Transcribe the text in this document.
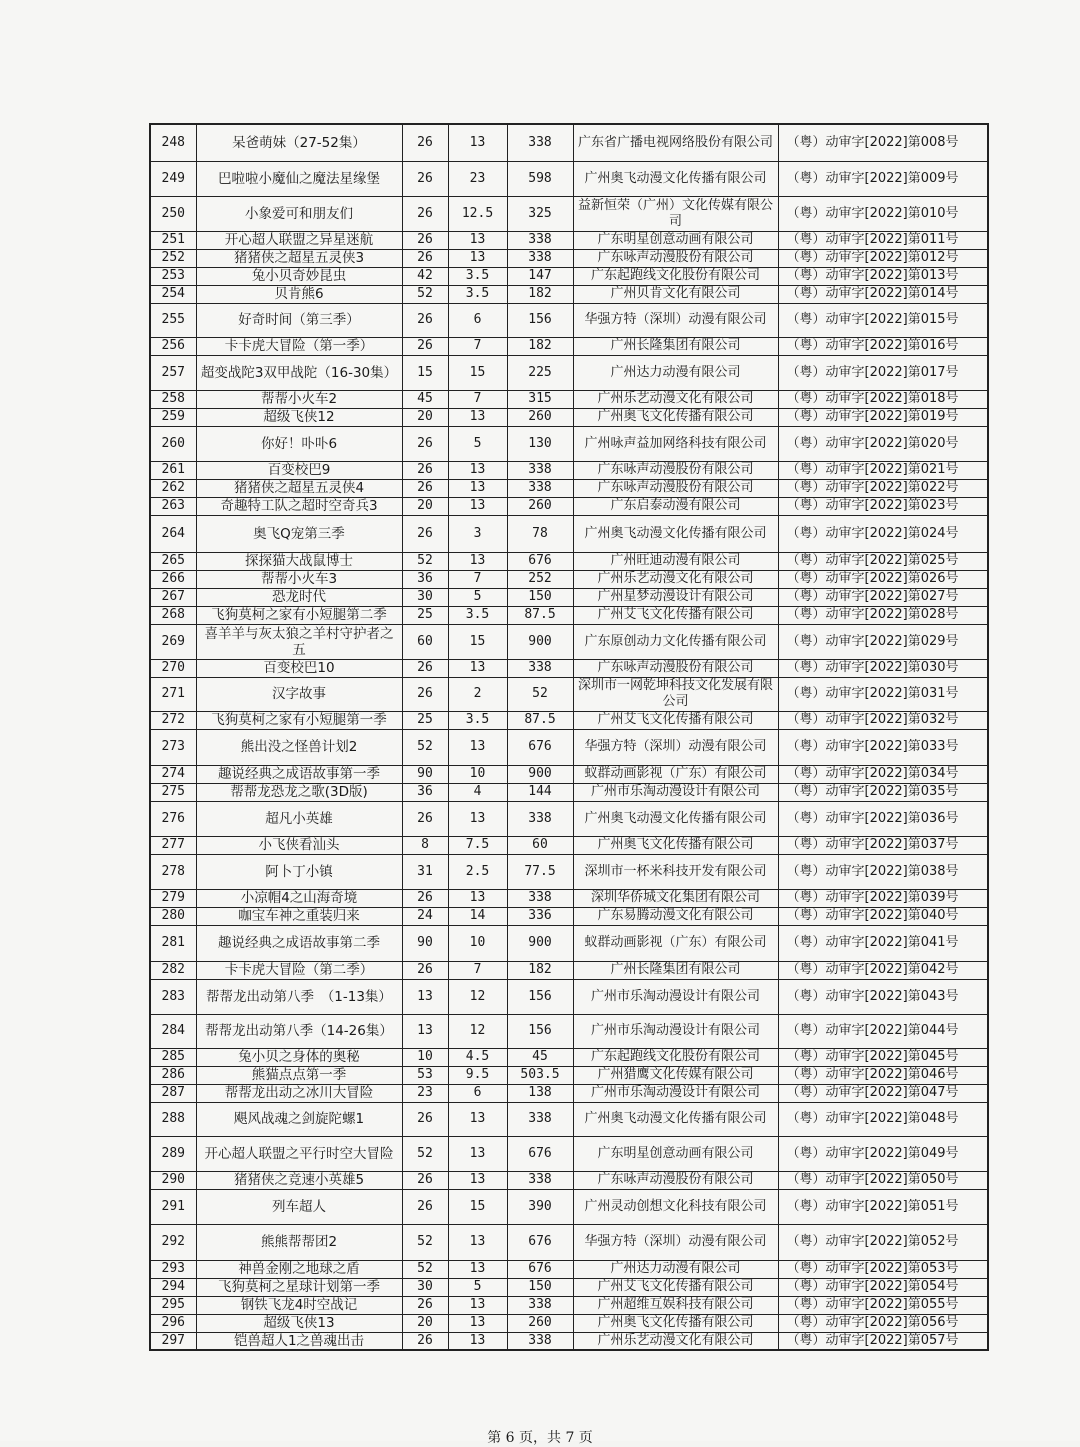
248	呆爸萌妹（27-52集）	26	13	338	广东省广播电视网络股份有限公司	（粤）动审字[2022]第008号
249	巴啦啦小魔仙之魔法星缘堡	26	23	598	广州奥飞动漫文化传播有限公司	（粤）动审字[2022]第009号
250	小象爱可和朋友们	26	12.5	325	益新恒荣（广州）文化传媒有限公司	（粤）动审字[2022]第010号
251	开心超人联盟之异星迷航	26	13	338	广东明星创意动画有限公司	（粤）动审字[2022]第011号
252	猪猪侠之超星五灵侠3	26	13	338	广东咏声动漫股份有限公司	（粤）动审字[2022]第012号
253	兔小贝奇妙昆虫	42	3.5	147	广东起跑线文化股份有限公司	（粤）动审字[2022]第013号
254	贝肯熊6	52	3.5	182	广州贝肯文化有限公司	（粤）动审字[2022]第014号
255	好奇时间（第三季）	26	6	156	华强方特（深圳）动漫有限公司	（粤）动审字[2022]第015号
256	卡卡虎大冒险（第一季）	26	7	182	广州长隆集团有限公司	（粤）动审字[2022]第016号
257	超变战陀3双甲战陀（16-30集）	15	15	225	广州达力动漫有限公司	（粤）动审字[2022]第017号
258	帮帮小火车2	45	7	315	广州乐艺动漫文化有限公司	（粤）动审字[2022]第018号
259	超级飞侠12	20	13	260	广州奥飞文化传播有限公司	（粤）动审字[2022]第019号
260	你好！卟卟6	26	5	130	广州咏声益加网络科技有限公司	（粤）动审字[2022]第020号
261	百变校巴9	26	13	338	广东咏声动漫股份有限公司	（粤）动审字[2022]第021号
262	猪猪侠之超星五灵侠4	26	13	338	广东咏声动漫股份有限公司	（粤）动审字[2022]第022号
263	奇趣特工队之超时空奇兵3	20	13	260	广东启泰动漫有限公司	（粤）动审字[2022]第023号
264	奥飞Q宠第三季	26	3	78	广州奥飞动漫文化传播有限公司	（粤）动审字[2022]第024号
265	探探猫大战鼠博士	52	13	676	广州旺迪动漫有限公司	（粤）动审字[2022]第025号
266	帮帮小火车3	36	7	252	广州乐艺动漫文化有限公司	（粤）动审字[2022]第026号
267	恐龙时代	30	5	150	广州星梦动漫设计有限公司	（粤）动审字[2022]第027号
268	飞狗莫柯之家有小短腿第二季	25	3.5	87.5	广州艾飞文化传播有限公司	（粤）动审字[2022]第028号
269	喜羊羊与灰太狼之羊村守护者之五	60	15	900	广东原创动力文化传播有限公司	（粤）动审字[2022]第029号
270	百变校巴10	26	13	338	广东咏声动漫股份有限公司	（粤）动审字[2022]第030号
271	汉字故事	26	2	52	深圳市一网乾坤科技文化发展有限公司	（粤）动审字[2022]第031号
272	飞狗莫柯之家有小短腿第一季	25	3.5	87.5	广州艾飞文化传播有限公司	（粤）动审字[2022]第032号
273	熊出没之怪兽计划2	52	13	676	华强方特（深圳）动漫有限公司	（粤）动审字[2022]第033号
274	趣说经典之成语故事第一季	90	10	900	蚁群动画影视（广东）有限公司	（粤）动审字[2022]第034号
275	帮帮龙恐龙之歌(3D版)	36	4	144	广州市乐淘动漫设计有限公司	（粤）动审字[2022]第035号
276	超凡小英雄	26	13	338	广州奥飞动漫文化传播有限公司	（粤）动审字[2022]第036号
277	小飞侠看汕头	8	7.5	60	广州奥飞文化传播有限公司	（粤）动审字[2022]第037号
278	阿卜丁小镇	31	2.5	77.5	深圳市一杯米科技开发有限公司	（粤）动审字[2022]第038号
279	小凉帽4之山海奇境	26	13	338	深圳华侨城文化集团有限公司	（粤）动审字[2022]第039号
280	咖宝车神之重装归来	24	14	336	广东易腾动漫文化有限公司	（粤）动审字[2022]第040号
281	趣说经典之成语故事第二季	90	10	900	蚁群动画影视（广东）有限公司	（粤）动审字[2022]第041号
282	卡卡虎大冒险（第二季）	26	7	182	广州长隆集团有限公司	（粤）动审字[2022]第042号
283	帮帮龙出动第八季　（1-13集）	13	12	156	广州市乐淘动漫设计有限公司	（粤）动审字[2022]第043号
284	帮帮龙出动第八季（14-26集）	13	12	156	广州市乐淘动漫设计有限公司	（粤）动审字[2022]第044号
285	兔小贝之身体的奥秘	10	4.5	45	广东起跑线文化股份有限公司	（粤）动审字[2022]第045号
286	熊猫点点第一季	53	9.5	503.5	广州猎鹰文化传媒有限公司	（粤）动审字[2022]第046号
287	帮帮龙出动之冰川大冒险	23	6	138	广州市乐淘动漫设计有限公司	（粤）动审字[2022]第047号
288	飓风战魂之剑旋陀螺1	26	13	338	广州奥飞动漫文化传播有限公司	（粤）动审字[2022]第048号
289	开心超人联盟之平行时空大冒险	52	13	676	广东明星创意动画有限公司	（粤）动审字[2022]第049号
290	猪猪侠之竞速小英雄5	26	13	338	广东咏声动漫股份有限公司	（粤）动审字[2022]第050号
291	列车超人	26	15	390	广州灵动创想文化科技有限公司	（粤）动审字[2022]第051号
292	熊熊帮帮团2	52	13	676	华强方特（深圳）动漫有限公司	（粤）动审字[2022]第052号
293	神兽金刚之地球之盾	52	13	676	广州达力动漫有限公司	（粤）动审字[2022]第053号
294	飞狗莫柯之星球计划第一季	30	5	150	广州艾飞文化传播有限公司	（粤）动审字[2022]第054号
295	钢铁飞龙4时空战记	26	13	338	广州超维互娱科技有限公司	（粤）动审字[2022]第055号
296	超级飞侠13	20	13	260	广州奥飞文化传播有限公司	（粤）动审字[2022]第056号
297	铠兽超人1之兽魂出击	26	13	338	广州乐艺动漫文化有限公司	（粤）动审字[2022]第057号
第 6 页，共 7 页
